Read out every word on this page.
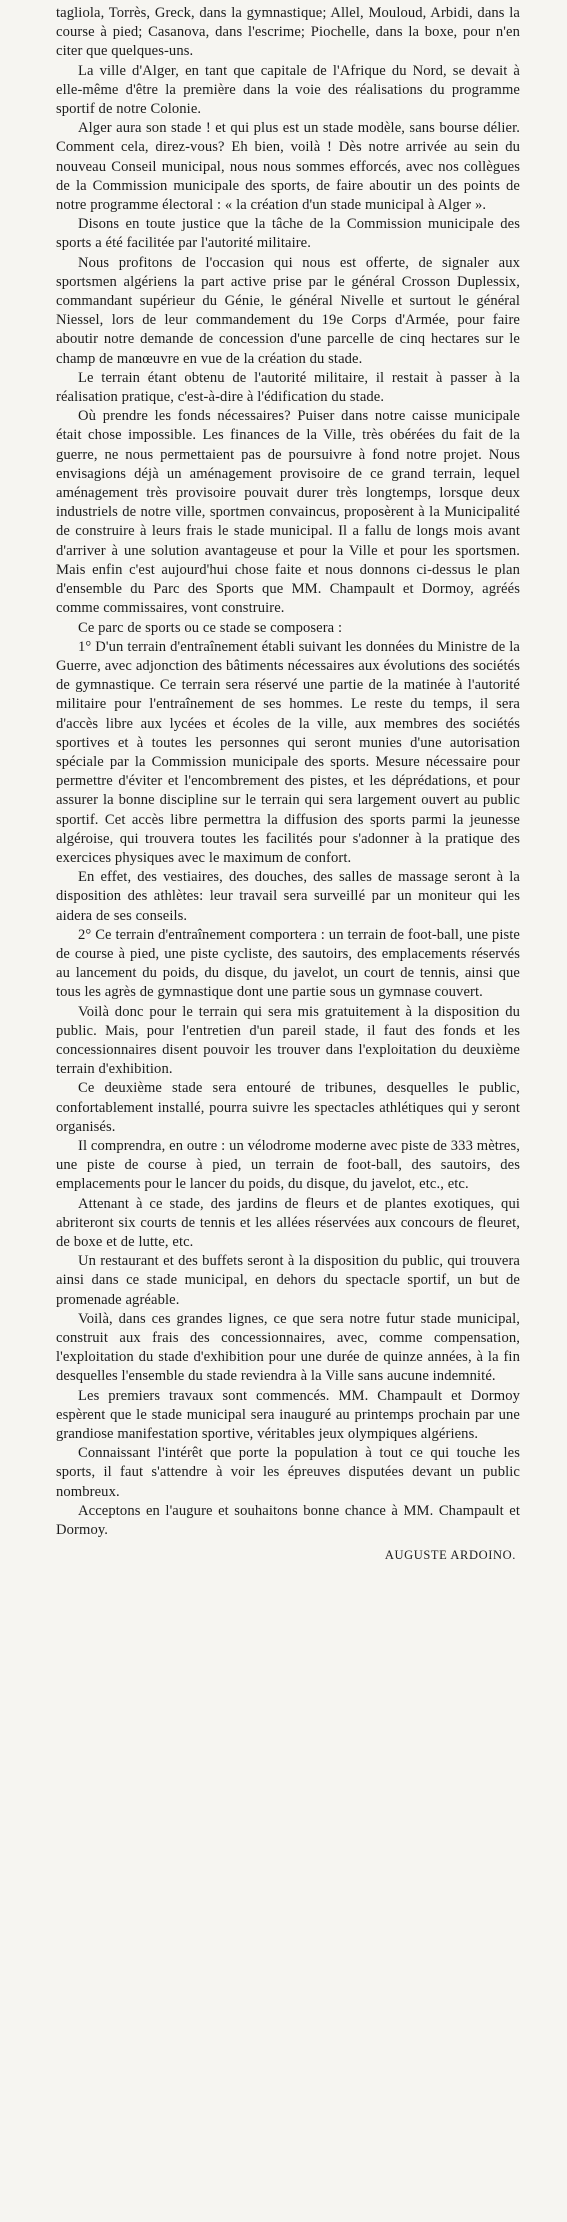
tagliola, Torrès, Greck, dans la gymnastique; Allel, Mouloud, Arbidi, dans la course à pied; Casanova, dans l'escrime; Piochelle, dans la boxe, pour n'en citer que quelques-uns.

La ville d'Alger, en tant que capitale de l'Afrique du Nord, se devait à elle-même d'être la première dans la voie des réalisations du programme sportif de notre Colonie.

Alger aura son stade ! et qui plus est un stade modèle, sans bourse délier. Comment cela, direz-vous? Eh bien, voilà ! Dès notre arrivée au sein du nouveau Conseil municipal, nous nous sommes efforcés, avec nos collègues de la Commission municipale des sports, de faire aboutir un des points de notre programme électoral : « la création d'un stade municipal à Alger ».

Disons en toute justice que la tâche de la Commission municipale des sports a été facilitée par l'autorité militaire.

Nous profitons de l'occasion qui nous est offerte, de signaler aux sportsmen algériens la part active prise par le général Crosson Duplessix, commandant supérieur du Génie, le général Nivelle et surtout le général Niessel, lors de leur commandement du 19e Corps d'Armée, pour faire aboutir notre demande de concession d'une parcelle de cinq hectares sur le champ de manœuvre en vue de la création du stade.

Le terrain étant obtenu de l'autorité militaire, il restait à passer à la réalisation pratique, c'est-à-dire à l'édification du stade.

Où prendre les fonds nécessaires? Puiser dans notre caisse municipale était chose impossible. Les finances de la Ville, très obérées du fait de la guerre, ne nous permettaient pas de poursuivre à fond notre projet. Nous envisagions déjà un aménagement provisoire de ce grand terrain, lequel aménagement très provisoire pouvait durer très longtemps, lorsque deux industriels de notre ville, sportmen convaincus, proposèrent à la Municipalité de construire à leurs frais le stade municipal. Il a fallu de longs mois avant d'arriver à une solution avantageuse et pour la Ville et pour les sportsmen. Mais enfin c'est aujourd'hui chose faite et nous donnons ci-dessus le plan d'ensemble du Parc des Sports que MM. Champault et Dormoy, agréés comme commissaires, vont construire.

Ce parc de sports ou ce stade se composera :

1° D'un terrain d'entraînement établi suivant les données du Ministre de la Guerre, avec adjonction des bâtiments nécessaires aux évolutions des sociétés de gymnastique. Ce terrain sera réservé une partie de la matinée à l'autorité militaire pour l'entraînement de ses hommes. Le reste du temps, il sera d'accès libre aux lycées et écoles de la ville, aux membres des sociétés sportives et à toutes les personnes qui seront munies d'une autorisation spéciale par la Commission municipale des sports. Mesure nécessaire pour permettre d'éviter et l'encombrement des pistes, et les déprédations, et pour assurer la bonne discipline sur le terrain qui sera largement ouvert au public sportif. Cet accès libre permettra la diffusion des sports parmi la jeunesse algéroise, qui trouvera toutes les facilités pour s'adonner à la pratique des exercices physiques avec le maximum de confort.

En effet, des vestiaires, des douches, des salles de massage seront à la disposition des athlètes: leur travail sera surveillé par un moniteur qui les aidera de ses conseils.

2° Ce terrain d'entraînement comportera : un terrain de foot-ball, une piste de course à pied, une piste cycliste, des sautoirs, des emplacements réservés au lancement du poids, du disque, du javelot, un court de tennis, ainsi que tous les agrès de gymnastique dont une partie sous un gymnase couvert.

Voilà donc pour le terrain qui sera mis gratuitement à la disposition du public. Mais, pour l'entretien d'un pareil stade, il faut des fonds et les concessionnaires disent pouvoir les trouver dans l'exploitation du deuxième terrain d'exhibition.

Ce deuxième stade sera entouré de tribunes, desquelles le public, confortablement installé, pourra suivre les spectacles athlétiques qui y seront organisés.

Il comprendra, en outre : un vélodrome moderne avec piste de 333 mètres, une piste de course à pied, un terrain de foot-ball, des sautoirs, des emplacements pour le lancer du poids, du disque, du javelot, etc., etc.

Attenant à ce stade, des jardins de fleurs et de plantes exotiques, qui abriteront six courts de tennis et les allées réservées aux concours de fleuret, de boxe et de lutte, etc.

Un restaurant et des buffets seront à la disposition du public, qui trouvera ainsi dans ce stade municipal, en dehors du spectacle sportif, un but de promenade agréable.

Voilà, dans ces grandes lignes, ce que sera notre futur stade municipal, construit aux frais des concessionnaires, avec, comme compensation, l'exploitation du stade d'exhibition pour une durée de quinze années, à la fin desquelles l'ensemble du stade reviendra à la Ville sans aucune indemnité.

Les premiers travaux sont commencés. MM. Champault et Dormoy espèrent que le stade municipal sera inauguré au printemps prochain par une grandiose manifestation sportive, véritables jeux olympiques algériens.

Connaissant l'intérêt que porte la population à tout ce qui touche les sports, il faut s'attendre à voir les épreuves disputées devant un public nombreux.

Acceptons en l'augure et souhaitons bonne chance à MM. Champault et Dormoy.

AUGUSTE ARDOINO.
